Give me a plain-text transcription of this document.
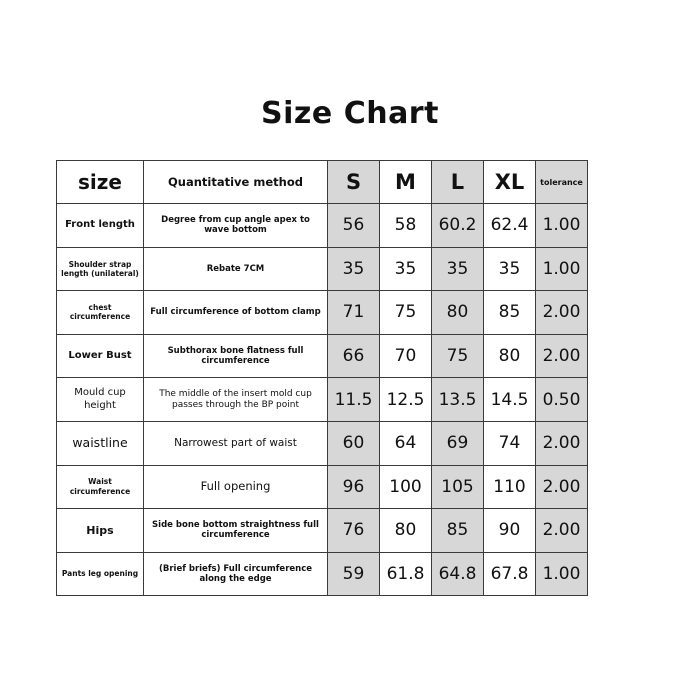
Size Chart
size	Quantitative method	S	M	L	XL	tolerance
Front length	Degree from cup angle apex to wave bottom	56	58	60.2	62.4	1.00
Shoulder strap length (unilateral)	Rebate 7CM	35	35	35	35	1.00
chest circumference	Full circumference of bottom clamp	71	75	80	85	2.00
Lower Bust	Subthorax bone flatness full circumference	66	70	75	80	2.00
Mould cup height	The middle of the insert mold cup passes through the BP point	11.5	12.5	13.5	14.5	0.50
waistline	Narrowest part of waist	60	64	69	74	2.00
Waist circumference	Full opening	96	100	105	110	2.00
Hips	Side bone bottom straightness full circumference	76	80	85	90	2.00
Pants leg opening	(Brief briefs) Full circumference along the edge	59	61.8	64.8	67.8	1.00
